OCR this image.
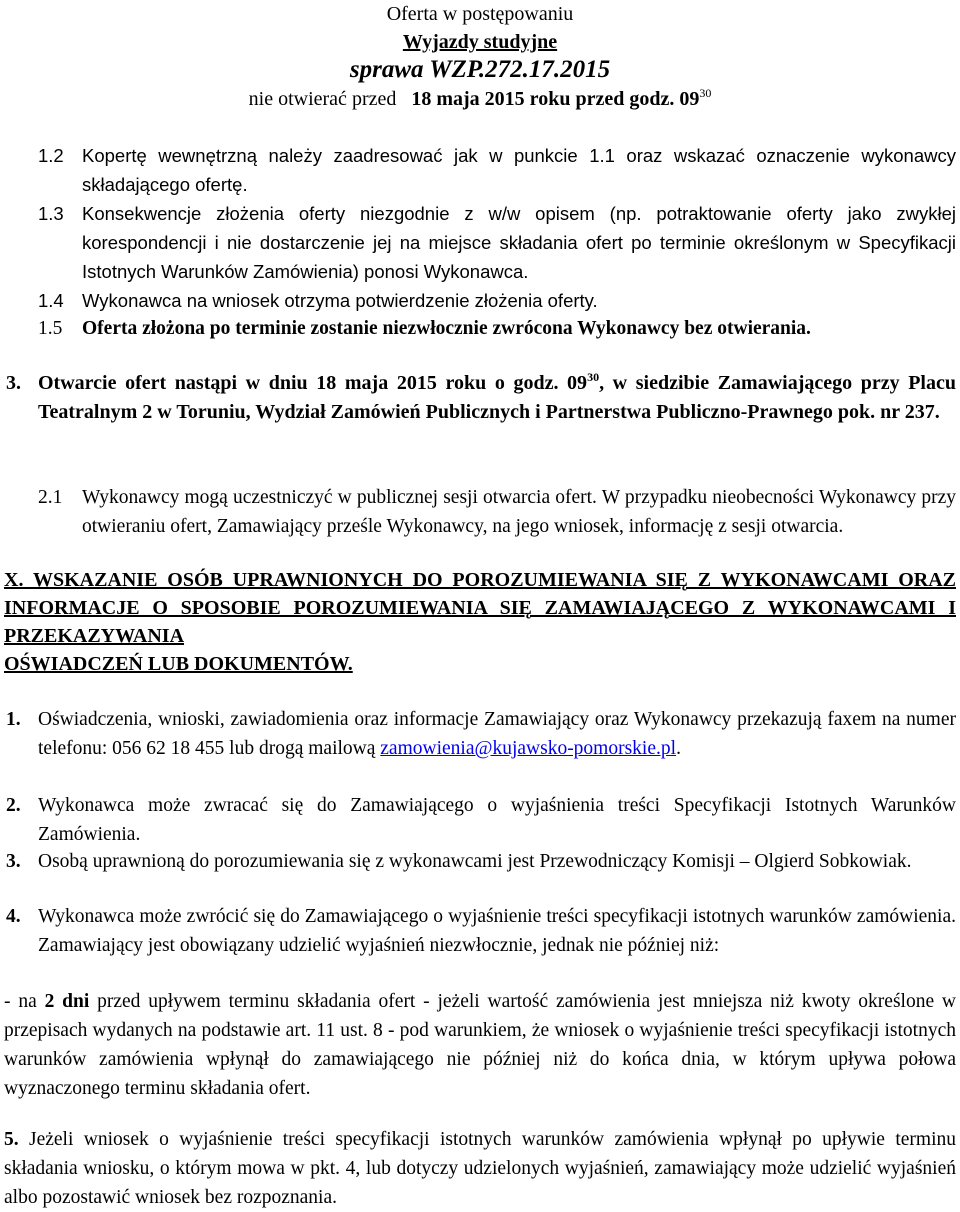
Oferta w postępowaniu
Wyjazdy studyjne
sprawa WZP.272.17.2015
nie otwierać przed 18 maja 2015 roku przed godz. $09^{30}$
1.2 Kopertę wewnętrzną należy zaadresować jak w punkcie 1.1 oraz wskazać oznaczenie wykonawcy składającego ofertę.
1.3 Konsekwencje złożenia oferty niezgodnie z w/w opisem (np. potraktowanie oferty jako zwykłej korespondencji i nie dostarczenie jej na miejsce składania ofert po terminie określonym w Specyfikacji Istotnych Warunków Zamówienia) ponosi Wykonawca.
1.4 Wykonawca na wniosek otrzyma potwierdzenie złożenia oferty.
1.5 Oferta złożona po terminie zostanie niezwłocznie zwrócona Wykonawcy bez otwierania.
3. Otwarcie ofert nastąpi w dniu 18 maja 2015 roku o godz. $09^{30}$, w siedzibie Zamawiającego przy Placu Teatralnym 2 w Toruniu, Wydział Zamówień Publicznych i Partnerstwa Publiczno-Prawnego pok. nr 237.
2.1 Wykonawcy mogą uczestniczyć w publicznej sesji otwarcia ofert. W przypadku nieobecności Wykonawcy przy otwieraniu ofert, Zamawiający prześle Wykonawcy, na jego wniosek, informację z sesji otwarcia.
X. WSKAZANIE OSÓB UPRAWNIONYCH DO POROZUMIEWANIA SIĘ Z WYKONAWCAMI ORAZ INFORMACJE O SPOSOBIE POROZUMIEWANIA SIĘ ZAMAWIAJĄCEGO Z WYKONAWCAMI I PRZEKAZYWANIA
OŚWIADCZEŃ LUB DOKUMENTÓW.
1. Oświadczenia, wnioski, zawiadomienia oraz informacje Zamawiający oraz Wykonawcy przekazują faxem na numer telefonu: 056 62 18 455 lub drogą mailową zamowienia@kujawsko-pomorskie.pl.
2. Wykonawca może zwracać się do Zamawiającego o wyjaśnienia treści Specyfikacji Istotnych Warunków Zamówienia.
3. Osobą uprawnioną do porozumiewania się z wykonawcami jest Przewodniczący Komisji – Olgierd Sobkowiak.
4. Wykonawca może zwrócić się do Zamawiającego o wyjaśnienie treści specyfikacji istotnych warunków zamówienia. Zamawiający jest obowiązany udzielić wyjaśnień niezwłocznie, jednak nie później niż:
- na 2 dni przed upływem terminu składania ofert - jeżeli wartość zamówienia jest mniejsza niż kwoty określone w przepisach wydanych na podstawie art. 11 ust. 8 - pod warunkiem, że wniosek o wyjaśnienie treści specyfikacji istotnych warunków zamówienia wpłynął do zamawiającego nie później niż do końca dnia, w którym upływa połowa wyznaczonego terminu składania ofert.
5. Jeżeli wniosek o wyjaśnienie treści specyfikacji istotnych warunków zamówienia wpłynął po upływie terminu składania wniosku, o którym mowa w pkt. 4, lub dotyczy udzielonych wyjaśnień, zamawiający może udzielić wyjaśnień albo pozostawić wniosek bez rozpoznania.
